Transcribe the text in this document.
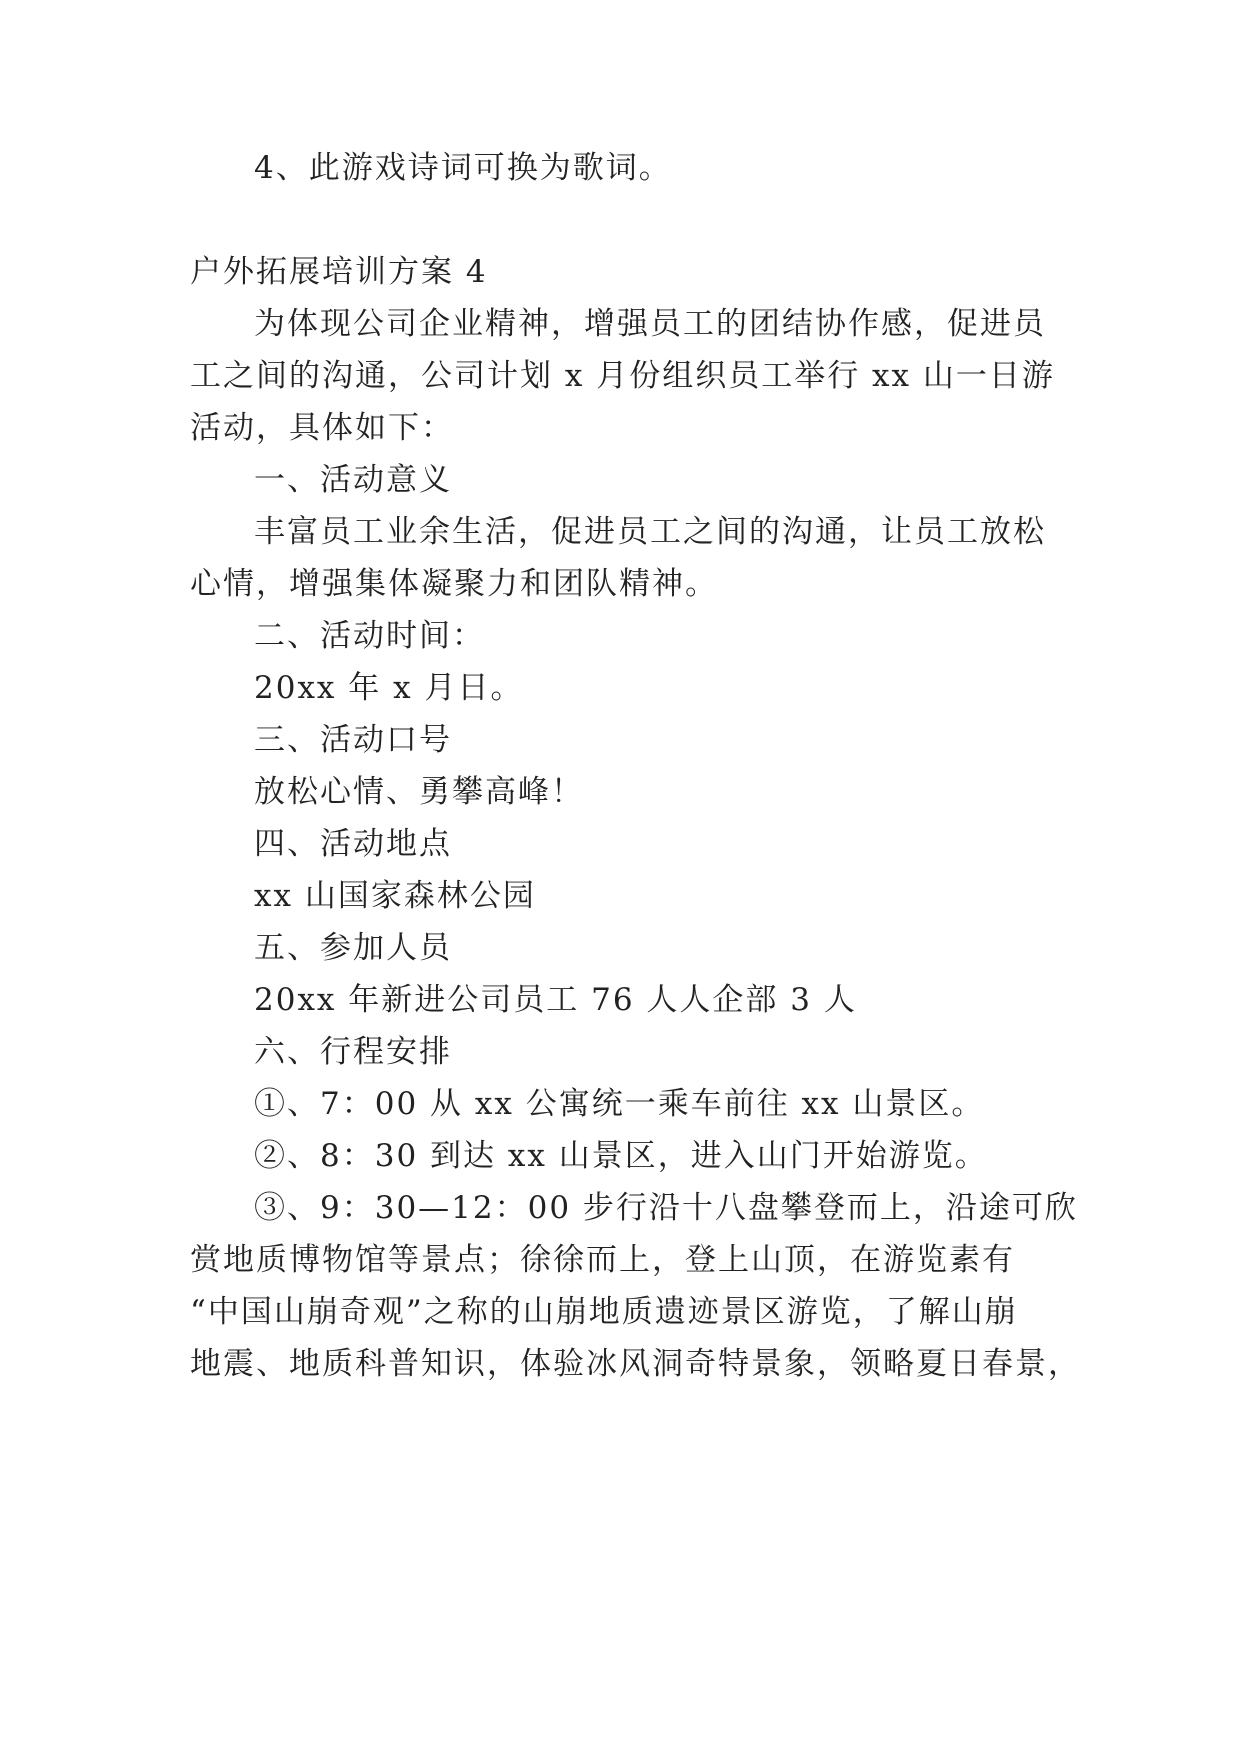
4、此游戏诗词可换为歌词。
户外拓展培训方案 4
为体现公司企业精神，增强员工的团结协作感，促进员
工之间的沟通，公司计划 x 月份组织员工举行 xx 山一日游
活动，具体如下：
一、活动意义
丰富员工业余生活，促进员工之间的沟通，让员工放松
心情，增强集体凝聚力和团队精神。
二、活动时间：
20xx 年 x 月日。
三、活动口号
放松心情、勇攀高峰！
四、活动地点
xx 山国家森林公园
五、参加人员
20xx 年新进公司员工 76 人人企部 3 人
六、行程安排
①、7：00 从 xx 公寓统一乘车前往 xx 山景区。
②、8：30 到达 xx 山景区，进入山门开始游览。
③、9：30—12：00 步行沿十八盘攀登而上，沿途可欣
赏地质博物馆等景点；徐徐而上，登上山顶，在游览素有
“中国山崩奇观”之称的山崩地质遗迹景区游览，了解山崩
地震、地质科普知识，体验冰风洞奇特景象，领略夏日春景，
